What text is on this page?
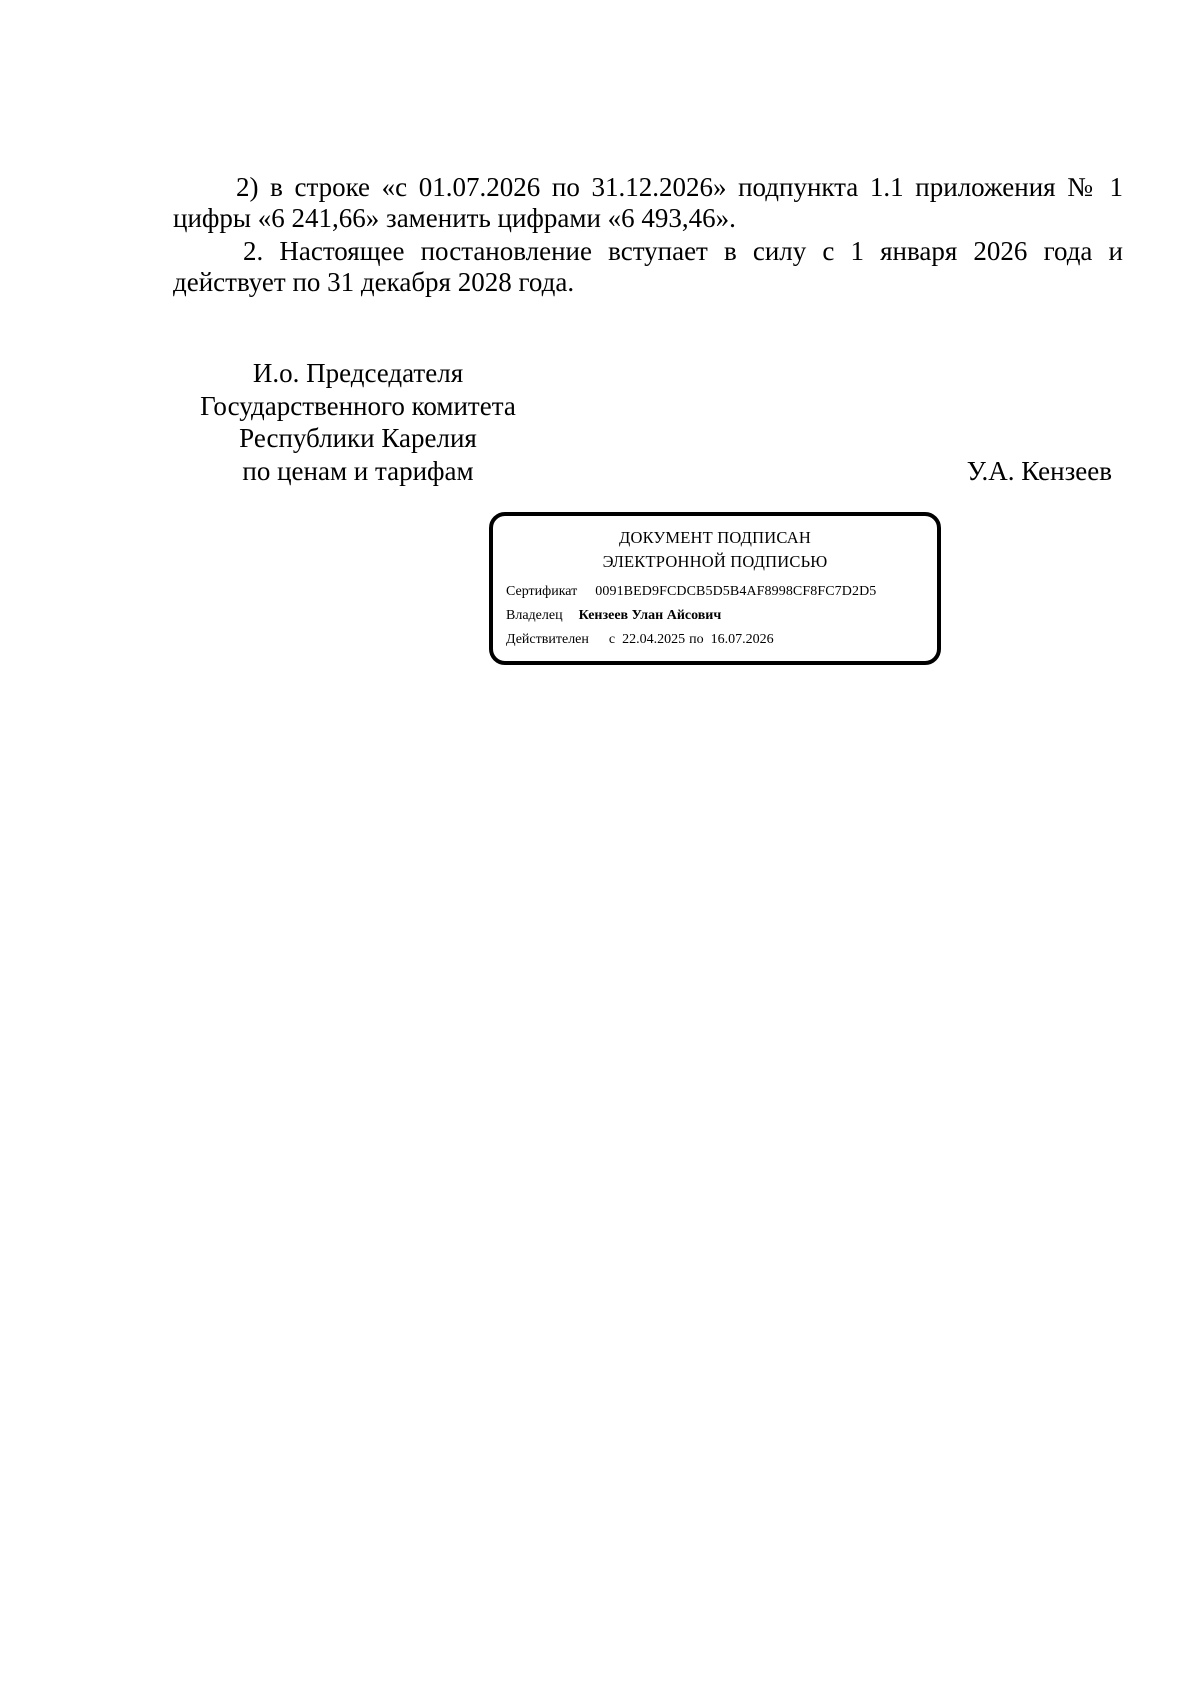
2) в строке «с 01.07.2026 по 31.12.2026» подпункта 1.1 приложения № 1 цифры «6 241,66» заменить цифрами «6 493,46».

2. Настоящее постановление вступает в силу с 1 января 2026 года и действует по 31 декабря 2028 года.

И.о. Председателя
Государственного комитета
Республики Карелия
по ценам и тарифам	У.А. Кензеев
ДОКУМЕНТ ПОДПИСАН
ЭЛЕКТРОННОЙ ПОДПИСЬЮ
Сертификат 0091BED9FCDCB5D5B4AF8998CF8FC7D2D5
Владелец Кензеев Улан Айсович
Действителен с 22.04.2025 по 16.07.2026
